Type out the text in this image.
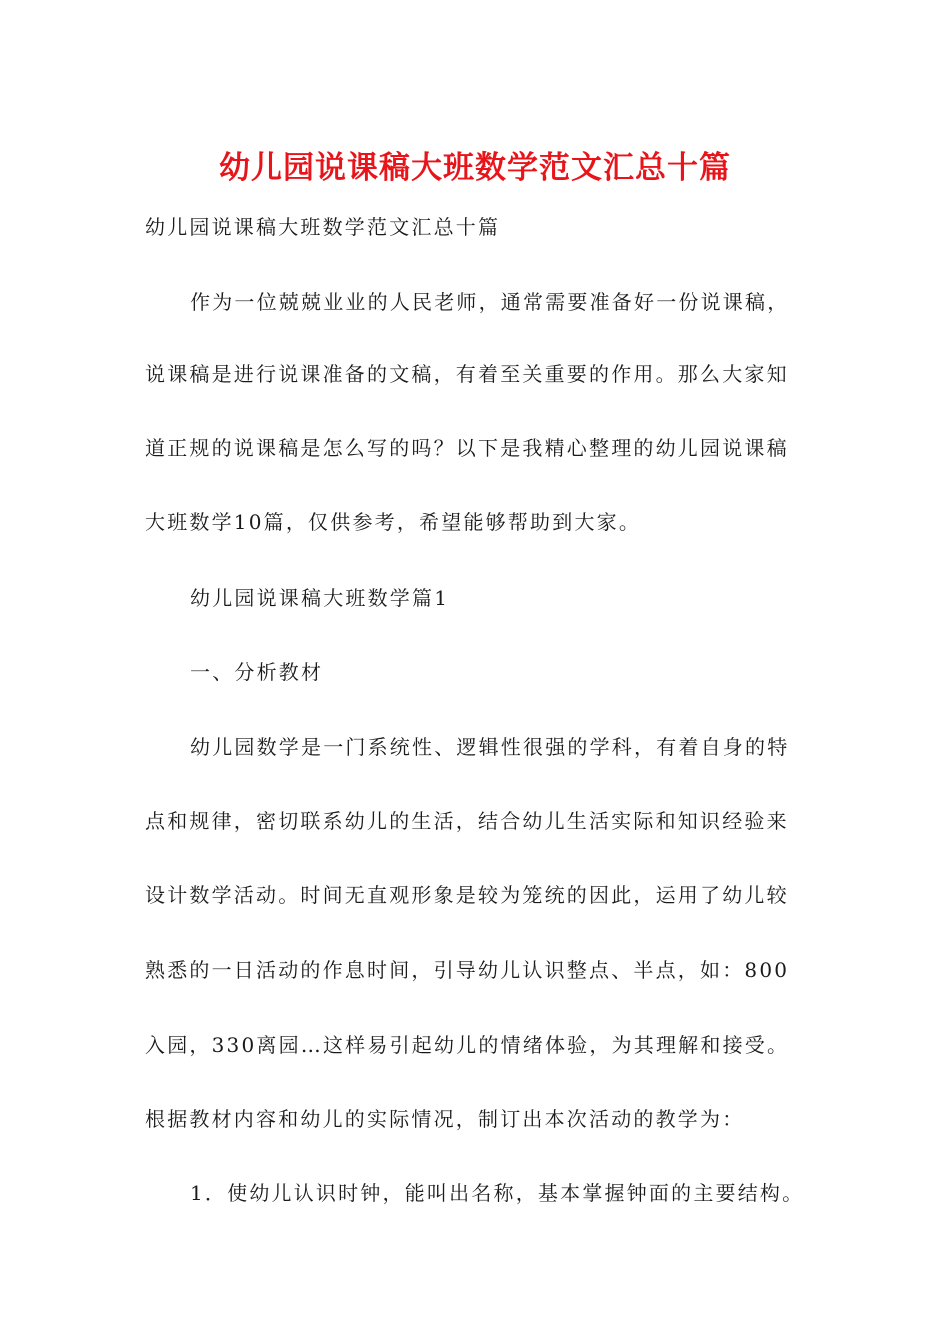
幼儿园说课稿大班数学范文汇总十篇
幼儿园说课稿大班数学范文汇总十篇
作为一位兢兢业业的人民老师，通常需要准备好一份说课稿，
说课稿是进行说课准备的文稿，有着至关重要的作用。那么大家知
道正规的说课稿是怎么写的吗？以下是我精心整理的幼儿园说课稿
大班数学10篇，仅供参考，希望能够帮助到大家。
幼儿园说课稿大班数学篇1
一、分析教材
幼儿园数学是一门系统性、逻辑性很强的学科，有着自身的特
点和规律，密切联系幼儿的生活，结合幼儿生活实际和知识经验来
设计数学活动。时间无直观形象是较为笼统的因此，运用了幼儿较
熟悉的一日活动的作息时间，引导幼儿认识整点、半点，如：800
入园，330离园…这样易引起幼儿的情绪体验，为其理解和接受。
根据教材内容和幼儿的实际情况，制订出本次活动的教学为：
1．使幼儿认识时钟，能叫出名称，基本掌握钟面的主要结构。
